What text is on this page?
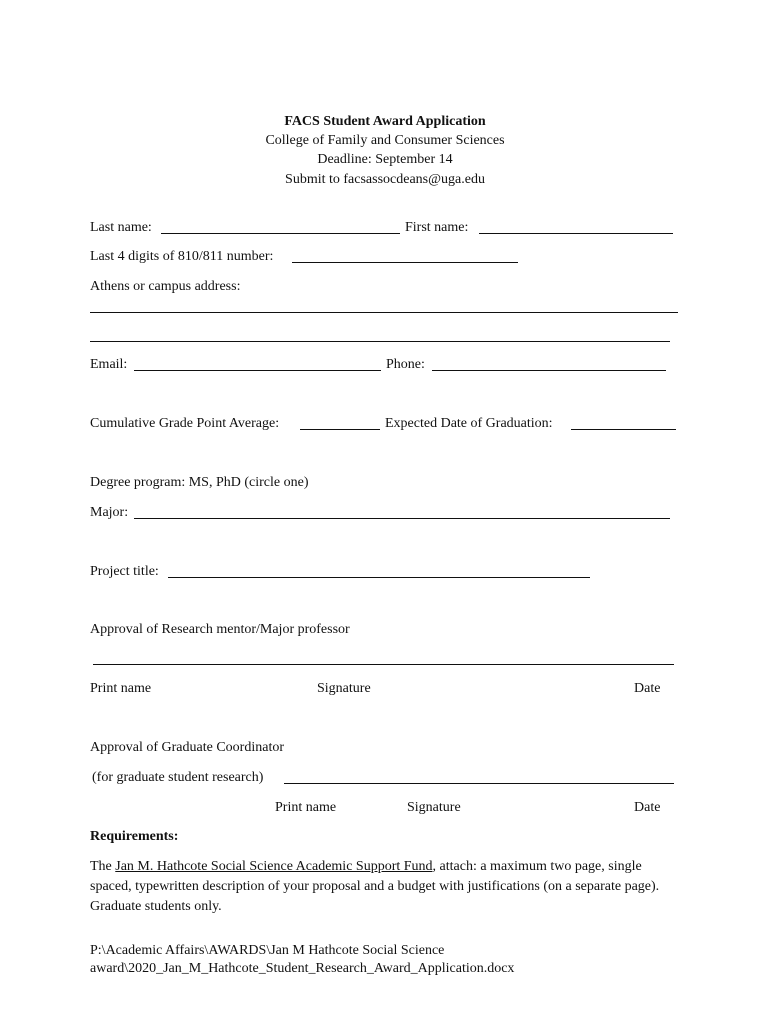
FACS Student Award Application
College of Family and Consumer Sciences
Deadline: September 14
Submit to facsassocdeans@uga.edu
Last name:	First name:
Last 4 digits of 810/811 number:
Athens or campus address:
Email:	Phone:
Cumulative Grade Point Average:	Expected Date of Graduation:
Degree program: MS, PhD (circle one)
Major:
Project title:
Approval of Research mentor/Major professor
Print name	Signature	Date
Approval of Graduate Coordinator
(for graduate student research)
Print name	Signature	Date
Requirements:
The Jan M. Hathcote Social Science Academic Support Fund, attach: a maximum two page, single spaced, typewritten description of your proposal and a budget with justifications (on a separate page). Graduate students only.
P:\Academic Affairs\AWARDS\Jan M Hathcote Social Science
award\2020_Jan_M_Hathcote_Student_Research_Award_Application.docx
